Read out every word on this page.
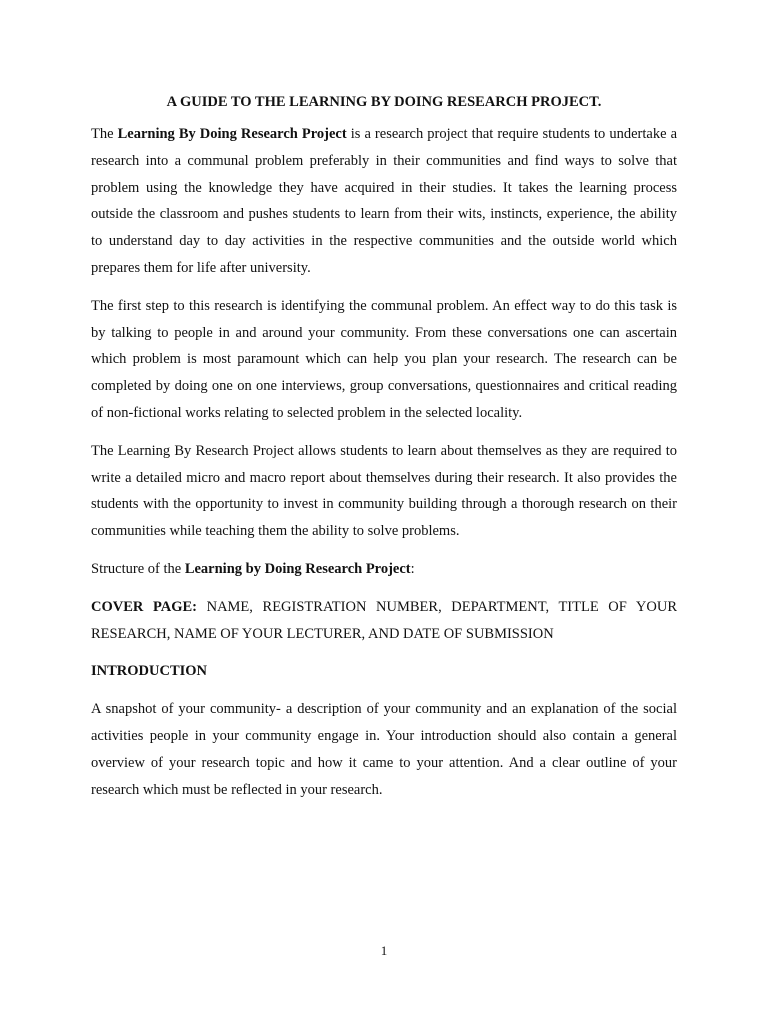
A GUIDE TO THE LEARNING BY DOING RESEARCH PROJECT.

The Learning By Doing Research Project is a research project that require students to undertake a research into a communal problem preferably in their communities and find ways to solve that problem using the knowledge they have acquired in their studies. It takes the learning process outside the classroom and pushes students to learn from their wits, instincts, experience, the ability to understand day to day activities in the respective communities and the outside world which prepares them for life after university.

The first step to this research is identifying the communal problem. An effect way to do this task is by talking to people in and around your community. From these conversations one can ascertain which problem is most paramount which can help you plan your research. The research can be completed by doing one on one interviews, group conversations, questionnaires and critical reading of non-fictional works relating to selected problem in the selected locality.

The Learning By Research Project allows students to learn about themselves as they are required to write a detailed micro and macro report about themselves during their research. It also provides the students with the opportunity to invest in community building through a thorough research on their communities while teaching them the ability to solve problems.

Structure of the Learning by Doing Research Project:

COVER PAGE: NAME, REGISTRATION NUMBER, DEPARTMENT, TITLE OF YOUR RESEARCH, NAME OF YOUR LECTURER, AND DATE OF SUBMISSION

INTRODUCTION

A snapshot of your community- a description of your community and an explanation of the social activities people in your community engage in. Your introduction should also contain a general overview of your research topic and how it came to your attention. And a clear outline of your research which must be reflected in your research.

1
